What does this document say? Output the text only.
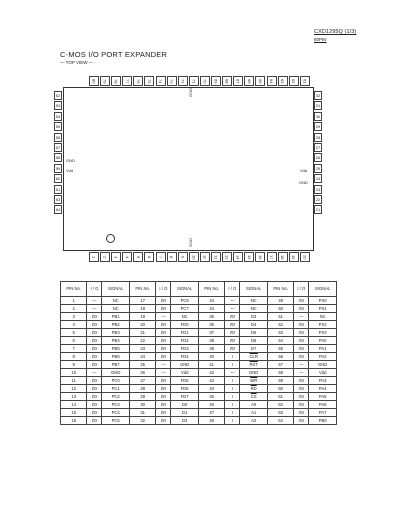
CXD1295Q (1/3)
80PIN
C-MOS I/O PORT EXPANDER
— TOP VIEW —
80	79	78	77	76	75	74	73	72	71	70	69	68	67	66	65	64	63	62	61
1	2	3	4	5	6	7	8	9	10	11	12	13	14	15	16	17	18	19	20
62
53
54
55
56
57
58
59
60
61
63
64
32
31
30
29
28
27
26
25
24
23
22
21
GND
GND
GND
Vdd	Vdd
GND
PIN No.	I / O	SIGNAL	PIN No.	I / O	SIGNAL	PIN No.	I / O	SIGNAL	PIN No.	I / O	SIGNAL
1	—	NC	17	I/O	PC6	34	—	NC	49	I/O	PX0
2	—	NC	18	I/O	PC7	34	—	NC	50	I/O	PX1
3	I/O	PB1	19	—	NC	35	I/O	D3	51	—	NC
4	I/O	PB2	20	I/O	FD0	36	I/O	D4	52	I/O	PX2
5	I/O	PB3	21	I/O	FD1	37	I/O	D5	53	I/O	PX3
6	I/O	PB4	22	I/O	FD2	38	I/O	D6	54	I/O	PA0
7	I/O	PB5	23	I/O	FD3	39	I/O	D7	55	I/O	PA1
8	I/O	PB6	24	I/O	FD4	40	I	$\overline{CLR}$	56	I/O	PA2
9	I/O	PB7	25	—	GND	41	I	$\overline{RST}$	57	—	GND
10	—	GND	26	—	Vdd	42	—	GND	58	—	Vdd
11	I/O	PC0	27	I/O	FD5	43	I	$\overline{WR}$	59	I/O	PA3
12	I/O	PC1	28	I/O	FD6	44	I	$\overline{RD}$	60	I/O	PA4
13	I/O	PC2	29	I/O	FD7	45	I	$\overline{CS}$	61	I/O	PA5
14	I/O	PC3	30	I/O	D0	46	I	A0	62	I/O	PA6
15	I/O	PC4	31	I/O	D1	47	I	A1	63	I/O	PA7
16	I/O	PC5	32	I/O	D2	48	I	A2	64	I/O	PB0
